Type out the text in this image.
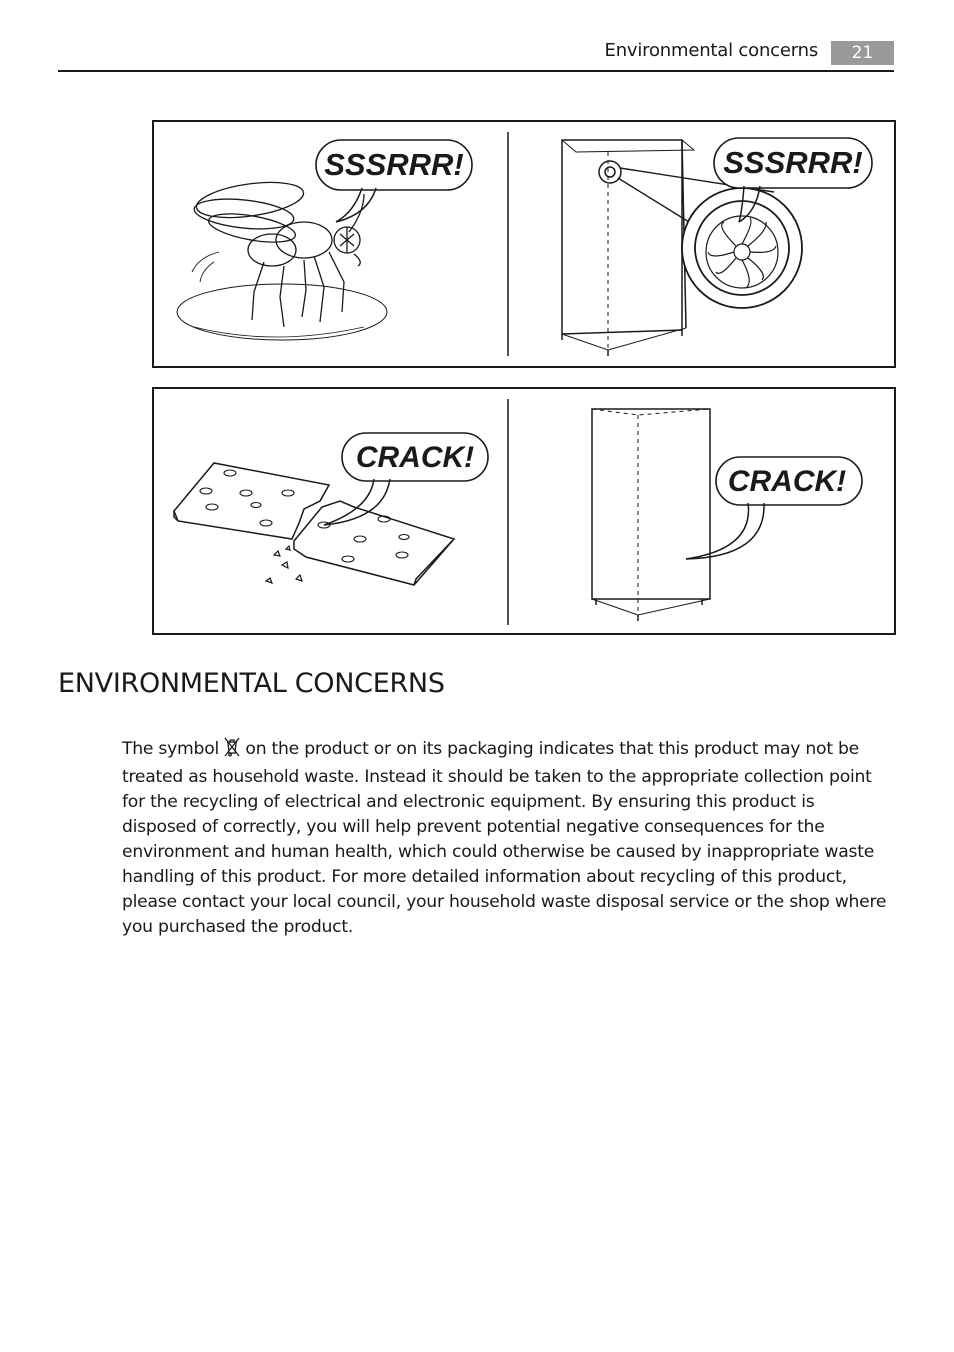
Environmental concerns	21
SSSRRR!	SSSRRR!
CRACK!
CRACK!
ENVIRONMENTAL CONCERNS

The symbol  on the product or on its packaging indicates that this product may not be treated as household waste. Instead it should be taken to the appropriate collection point for the recycling of electrical and electronic equipment. By ensuring this product is disposed of correctly, you will help prevent potential negative consequences for the environment and human health, which could otherwise be caused by inappropriate waste handling of this product. For more detailed information about recycling of this product, please contact your local council, your household waste disposal service or the shop where you purchased the product.
